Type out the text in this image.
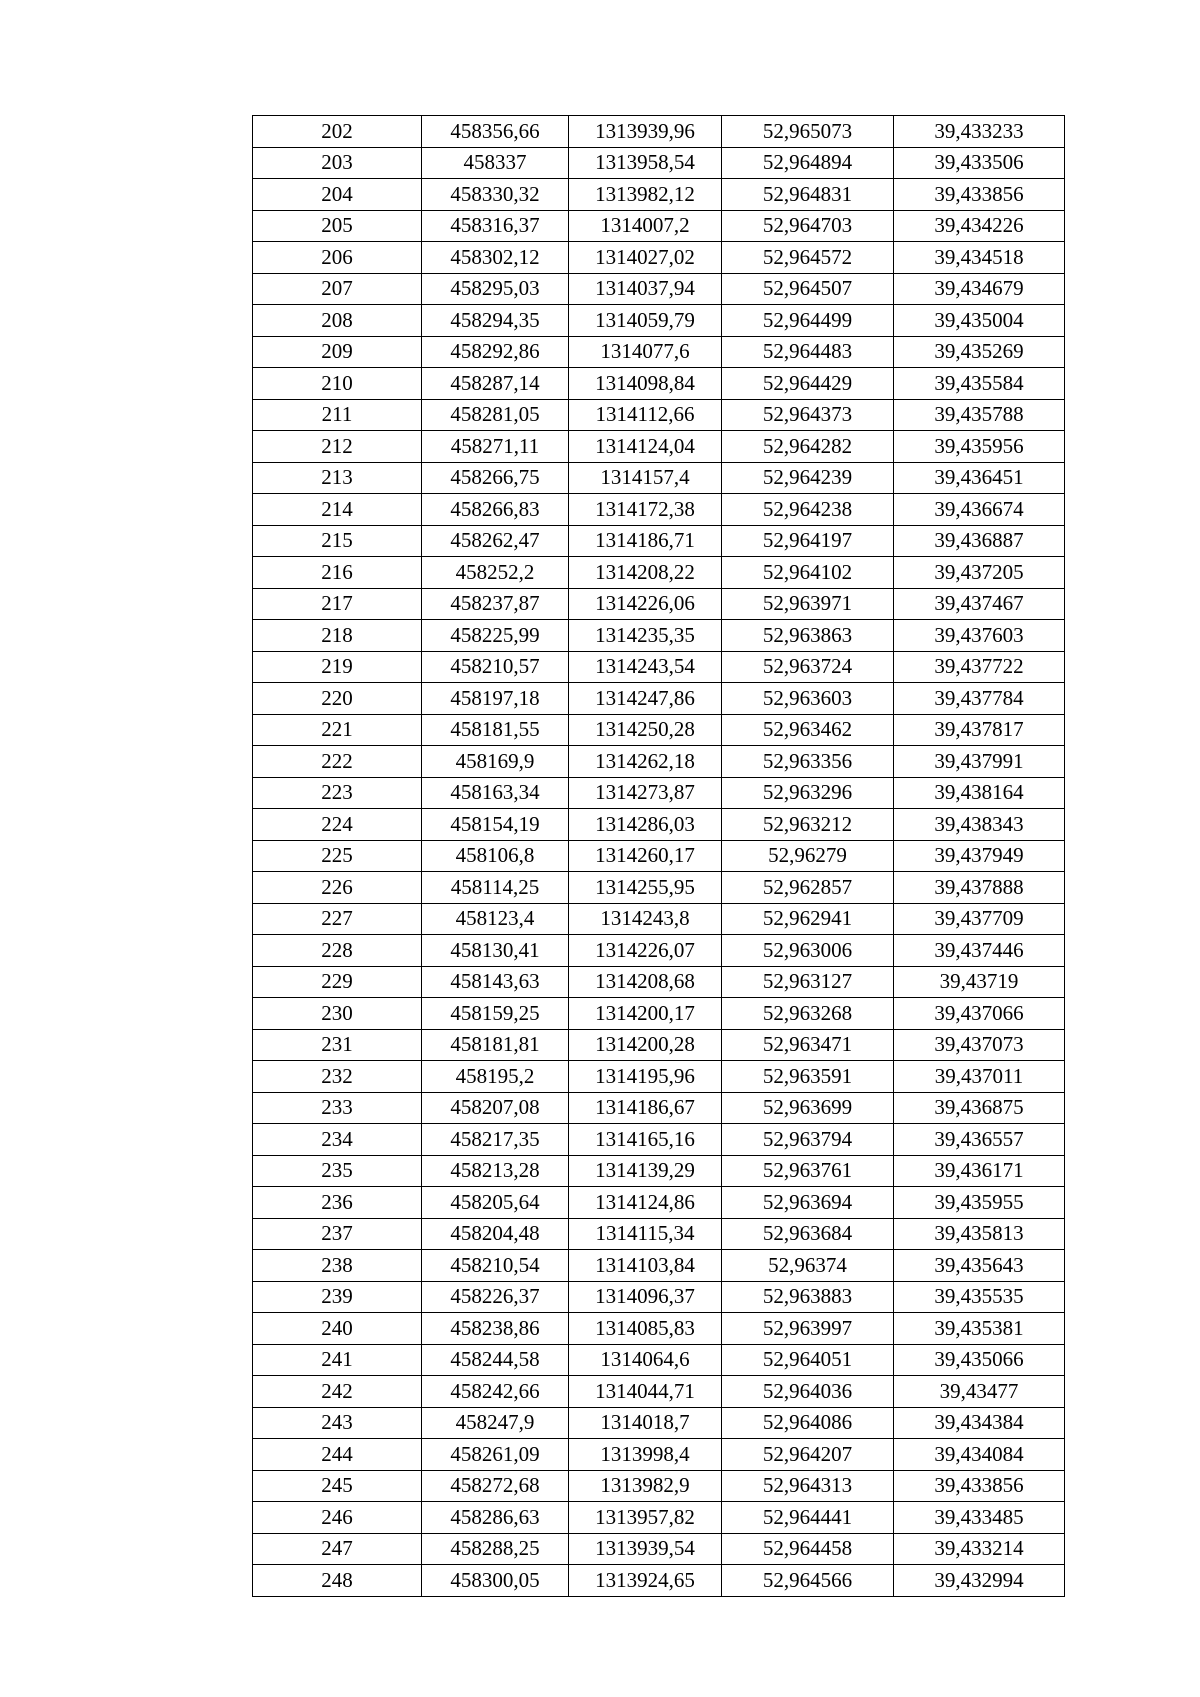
202	458356,66	1313939,96	52,965073	39,433233
203	458337	1313958,54	52,964894	39,433506
204	458330,32	1313982,12	52,964831	39,433856
205	458316,37	1314007,2	52,964703	39,434226
206	458302,12	1314027,02	52,964572	39,434518
207	458295,03	1314037,94	52,964507	39,434679
208	458294,35	1314059,79	52,964499	39,435004
209	458292,86	1314077,6	52,964483	39,435269
210	458287,14	1314098,84	52,964429	39,435584
211	458281,05	1314112,66	52,964373	39,435788
212	458271,11	1314124,04	52,964282	39,435956
213	458266,75	1314157,4	52,964239	39,436451
214	458266,83	1314172,38	52,964238	39,436674
215	458262,47	1314186,71	52,964197	39,436887
216	458252,2	1314208,22	52,964102	39,437205
217	458237,87	1314226,06	52,963971	39,437467
218	458225,99	1314235,35	52,963863	39,437603
219	458210,57	1314243,54	52,963724	39,437722
220	458197,18	1314247,86	52,963603	39,437784
221	458181,55	1314250,28	52,963462	39,437817
222	458169,9	1314262,18	52,963356	39,437991
223	458163,34	1314273,87	52,963296	39,438164
224	458154,19	1314286,03	52,963212	39,438343
225	458106,8	1314260,17	52,96279	39,437949
226	458114,25	1314255,95	52,962857	39,437888
227	458123,4	1314243,8	52,962941	39,437709
228	458130,41	1314226,07	52,963006	39,437446
229	458143,63	1314208,68	52,963127	39,43719
230	458159,25	1314200,17	52,963268	39,437066
231	458181,81	1314200,28	52,963471	39,437073
232	458195,2	1314195,96	52,963591	39,437011
233	458207,08	1314186,67	52,963699	39,436875
234	458217,35	1314165,16	52,963794	39,436557
235	458213,28	1314139,29	52,963761	39,436171
236	458205,64	1314124,86	52,963694	39,435955
237	458204,48	1314115,34	52,963684	39,435813
238	458210,54	1314103,84	52,96374	39,435643
239	458226,37	1314096,37	52,963883	39,435535
240	458238,86	1314085,83	52,963997	39,435381
241	458244,58	1314064,6	52,964051	39,435066
242	458242,66	1314044,71	52,964036	39,43477
243	458247,9	1314018,7	52,964086	39,434384
244	458261,09	1313998,4	52,964207	39,434084
245	458272,68	1313982,9	52,964313	39,433856
246	458286,63	1313957,82	52,964441	39,433485
247	458288,25	1313939,54	52,964458	39,433214
248	458300,05	1313924,65	52,964566	39,432994
